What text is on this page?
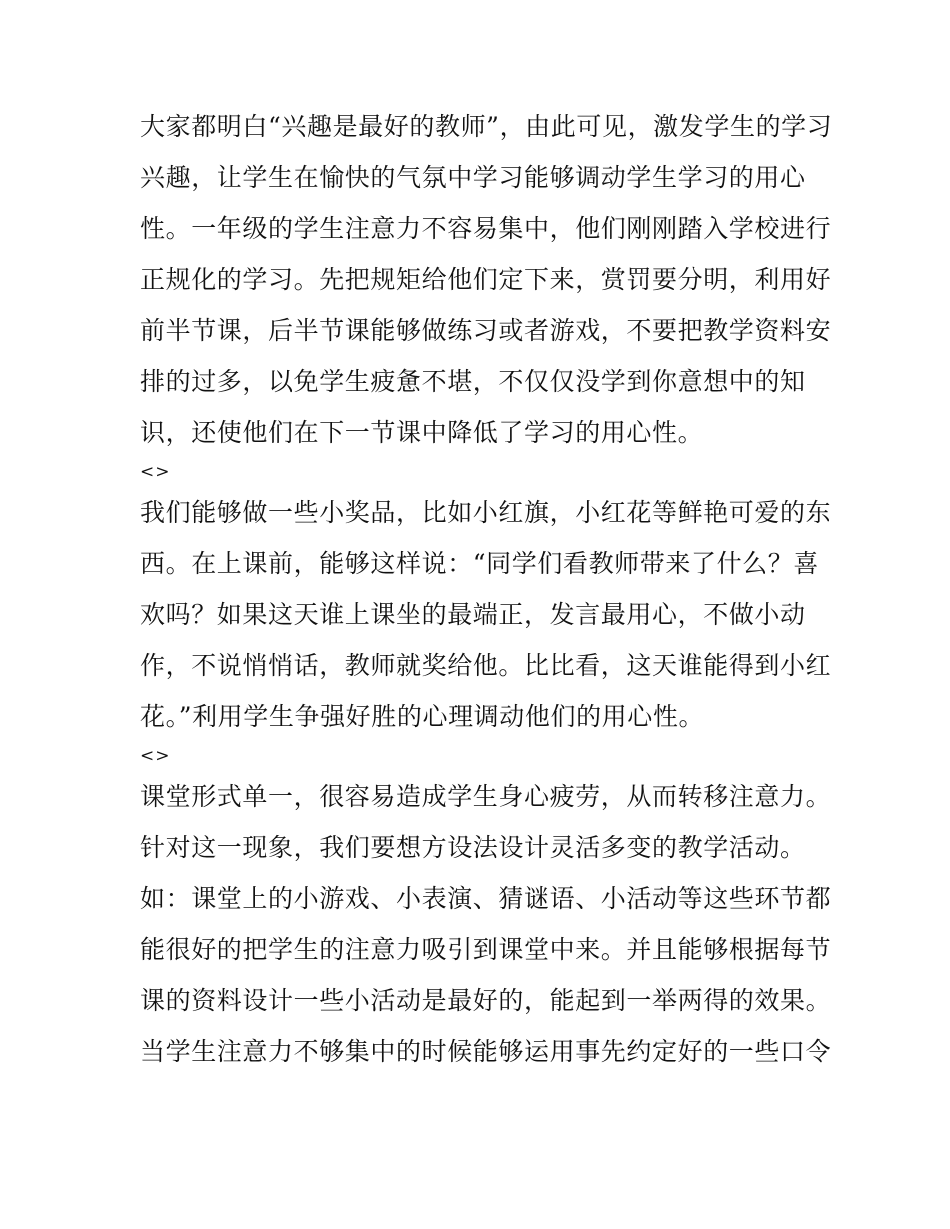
大家都明白“兴趣是最好的教师”，由此可见，激发学生的学习
兴趣，让学生在愉快的气氛中学习能够调动学生学习的用心
性。一年级的学生注意力不容易集中，他们刚刚踏入学校进行
正规化的学习。先把规矩给他们定下来，赏罚要分明，利用好
前半节课，后半节课能够做练习或者游戏，不要把教学资料安
排的过多，以免学生疲惫不堪，不仅仅没学到你意想中的知
识，还使他们在下一节课中降低了学习的用心性。
<>
我们能够做一些小奖品，比如小红旗，小红花等鲜艳可爱的东
西。在上课前，能够这样说：“同学们看教师带来了什么？喜
欢吗？如果这天谁上课坐的最端正，发言最用心，不做小动
作，不说悄悄话，教师就奖给他。比比看，这天谁能得到小红
花。”利用学生争强好胜的心理调动他们的用心性。
<>
课堂形式单一，很容易造成学生身心疲劳，从而转移注意力。
针对这一现象，我们要想方设法设计灵活多变的教学活动。
如：课堂上的小游戏、小表演、猜谜语、小活动等这些环节都
能很好的把学生的注意力吸引到课堂中来。并且能够根据每节
课的资料设计一些小活动是最好的，能起到一举两得的效果。
当学生注意力不够集中的时候能够运用事先约定好的一些口令
